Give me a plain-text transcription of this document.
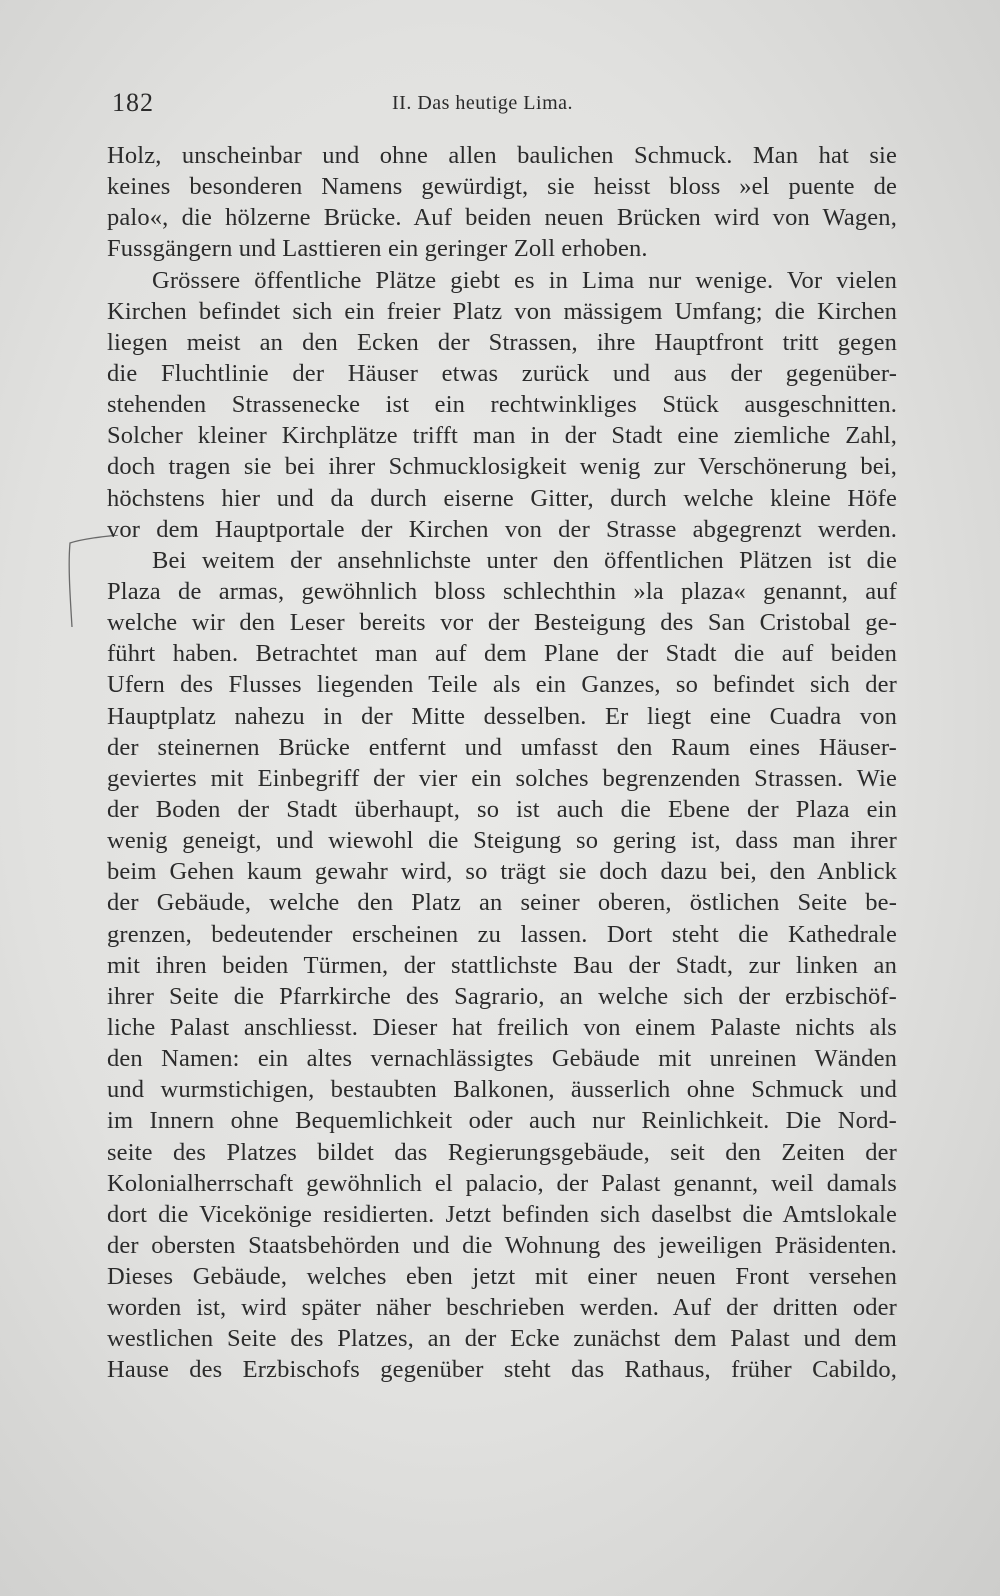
182	II. Das heutige Lima.
Holz, unscheinbar und ohne allen baulichen Schmuck. Man hat sie
keines besonderen Namens gewürdigt, sie heisst bloss »el puente de
palo«, die hölzerne Brücke. Auf beiden neuen Brücken wird von Wagen,
Fussgängern und Lasttieren ein geringer Zoll erhoben.
Grössere öffentliche Plätze giebt es in Lima nur wenige. Vor vielen
Kirchen befindet sich ein freier Platz von mässigem Umfang; die Kirchen
liegen meist an den Ecken der Strassen, ihre Hauptfront tritt gegen
die Fluchtlinie der Häuser etwas zurück und aus der gegenüber-
stehenden Strassenecke ist ein rechtwinkliges Stück ausgeschnitten.
Solcher kleiner Kirchplätze trifft man in der Stadt eine ziemliche Zahl,
doch tragen sie bei ihrer Schmucklosigkeit wenig zur Verschönerung bei,
höchstens hier und da durch eiserne Gitter, durch welche kleine Höfe
vor dem Hauptportale der Kirchen von der Strasse abgegrenzt werden.
Bei weitem der ansehnlichste unter den öffentlichen Plätzen ist die
Plaza de armas, gewöhnlich bloss schlechthin »la plaza« genannt, auf
welche wir den Leser bereits vor der Besteigung des San Cristobal ge-
führt haben. Betrachtet man auf dem Plane der Stadt die auf beiden
Ufern des Flusses liegenden Teile als ein Ganzes, so befindet sich der
Hauptplatz nahezu in der Mitte desselben. Er liegt eine Cuadra von
der steinernen Brücke entfernt und umfasst den Raum eines Häuser-
geviertes mit Einbegriff der vier ein solches begrenzenden Strassen. Wie
der Boden der Stadt überhaupt, so ist auch die Ebene der Plaza ein
wenig geneigt, und wiewohl die Steigung so gering ist, dass man ihrer
beim Gehen kaum gewahr wird, so trägt sie doch dazu bei, den Anblick
der Gebäude, welche den Platz an seiner oberen, östlichen Seite be-
grenzen, bedeutender erscheinen zu lassen. Dort steht die Kathedrale
mit ihren beiden Türmen, der stattlichste Bau der Stadt, zur linken an
ihrer Seite die Pfarrkirche des Sagrario, an welche sich der erzbischöf-
liche Palast anschliesst. Dieser hat freilich von einem Palaste nichts als
den Namen: ein altes vernachlässigtes Gebäude mit unreinen Wänden
und wurmstichigen, bestaubten Balkonen, äusserlich ohne Schmuck und
im Innern ohne Bequemlichkeit oder auch nur Reinlichkeit. Die Nord-
seite des Platzes bildet das Regierungsgebäude, seit den Zeiten der
Kolonialherrschaft gewöhnlich el palacio, der Palast genannt, weil damals
dort die Vicekönige residierten. Jetzt befinden sich daselbst die Amtslokale
der obersten Staatsbehörden und die Wohnung des jeweiligen Präsidenten.
Dieses Gebäude, welches eben jetzt mit einer neuen Front versehen
worden ist, wird später näher beschrieben werden. Auf der dritten oder
westlichen Seite des Platzes, an der Ecke zunächst dem Palast und dem
Hause des Erzbischofs gegenüber steht das Rathaus, früher Cabildo,
